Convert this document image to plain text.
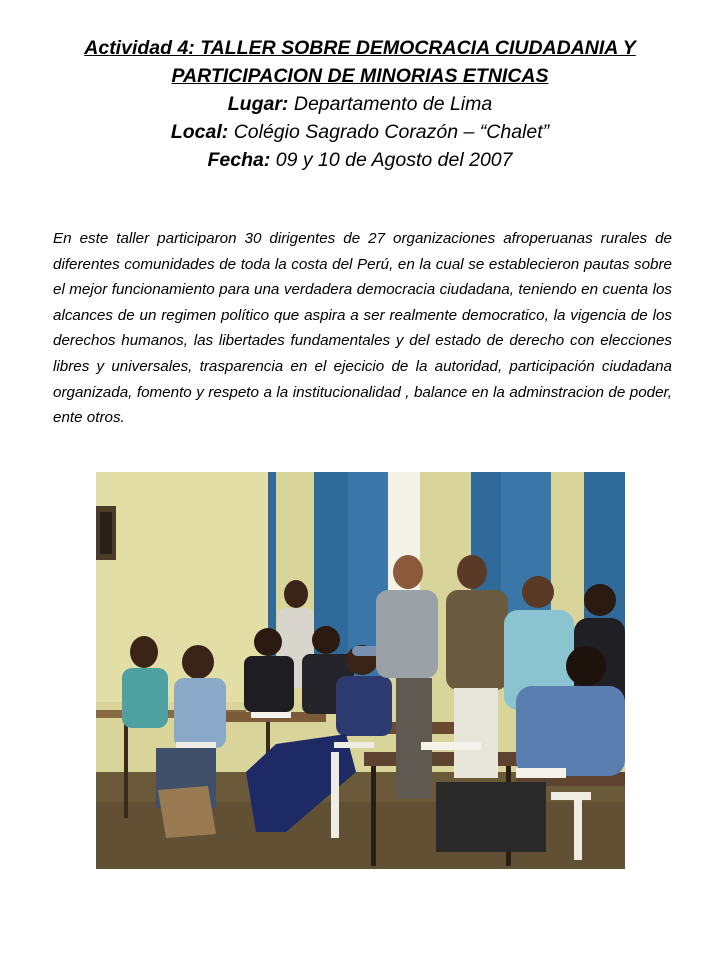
Actividad 4: TALLER SOBRE DEMOCRACIA CIUDADANIA Y
PARTICIPACION DE MINORIAS ETNICAS
Lugar: Departamento de Lima
Local: Colégio Sagrado Corazón – “Chalet”
Fecha: 09 y 10 de Agosto del 2007
En este taller participaron 30 dirigentes de 27 organizaciones afroperuanas rurales de diferentes comunidades de toda la costa del Perú, en la cual se establecieron pautas sobre el mejor funcionamiento para una verdadera democracia ciudadana, teniendo en cuenta los alcances de un regimen político que aspira a ser realmente democratico, la vigencia de los derechos humanos, las libertades fundamentales y del estado de derecho con elecciones libres y universales, trasparencia en el ejecicio de la autoridad, participación ciudadana organizada, fomento y respeto a la institucionalidad , balance en la adminstracion de poder, ente otros.
